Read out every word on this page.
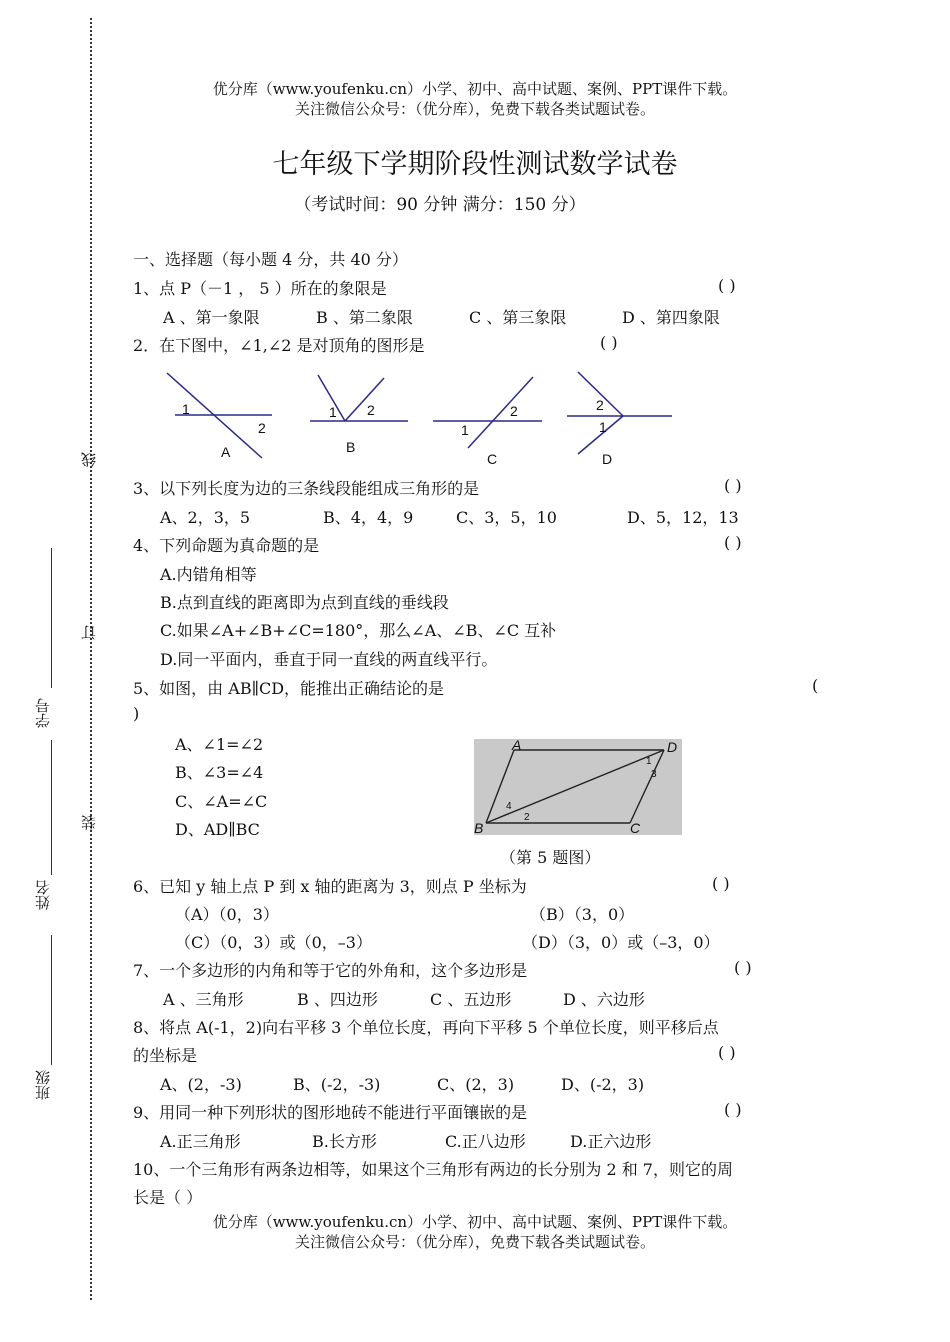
线
订
装
学号
姓名
班级
优分库（www.youfenku.cn）小学、初中、高中试题、案例、PPT课件下载。
关注微信公众号：（优分库），免费下载各类试题试卷。
七年级下学期阶段性测试数学试卷
（考试时间：90 分钟 满分：150 分）
一、选择题（每小题 4 分，共 40 分）
1、点 P（－1 ， 5 ）所在的象限是	( )
A 、第一象限	B 、第二象限	C 、第三象限	D 、第四象限
2．在下图中，∠1,∠2 是对顶角的图形是	( )
1
2
A
1 2
B
2
1
C
2
1
D
3、以下列长度为边的三条线段能组成三角形的是	( )
A、2，3，5	B、4，4，9	C、3，5，10	D、5，12，13
4、下列命题为真命题的是	( )
A.内错角相等
B.点到直线的距离即为点到直线的垂线段
C.如果∠A+∠B+∠C=180°，那么∠A、∠B、∠C 互补
D.同一平面内，垂直于同一直线的两直线平行。
5、如图，由 AB∥CD，能推出正确结论的是	(
)
A、∠1=∠2
B、∠3=∠4
C、∠A=∠C
D、AD∥BC
A	D
B	C
1
3
4
2
（第 5 题图）
6、已知 y 轴上点 P 到 x 轴的距离为 3，则点 P 坐标为	( )
（A）（0，3）	（B）（3，0）
（C）（0，3）或（0，–3）	（D）（3，0）或（–3，0）
7、一个多边形的内角和等于它的外角和，这个多边形是	( )
A 、三角形	B 、四边形	C 、五边形	D 、六边形
8、将点 A(-1，2)向右平移 3 个单位长度，再向下平移 5 个单位长度，则平移后点
的坐标是	( )
A、(2，-3)	B、(-2，-3)	C、(2，3)	D、(-2，3)
9、用同一种下列形状的图形地砖不能进行平面镶嵌的是	( )
A.正三角形	B.长方形	C.正八边形	D.正六边形
10、一个三角形有两条边相等，如果这个三角形有两边的长分别为 2 和 7，则它的周
长是（ ）
优分库（www.youfenku.cn）小学、初中、高中试题、案例、PPT课件下载。
关注微信公众号：（优分库），免费下载各类试题试卷。
